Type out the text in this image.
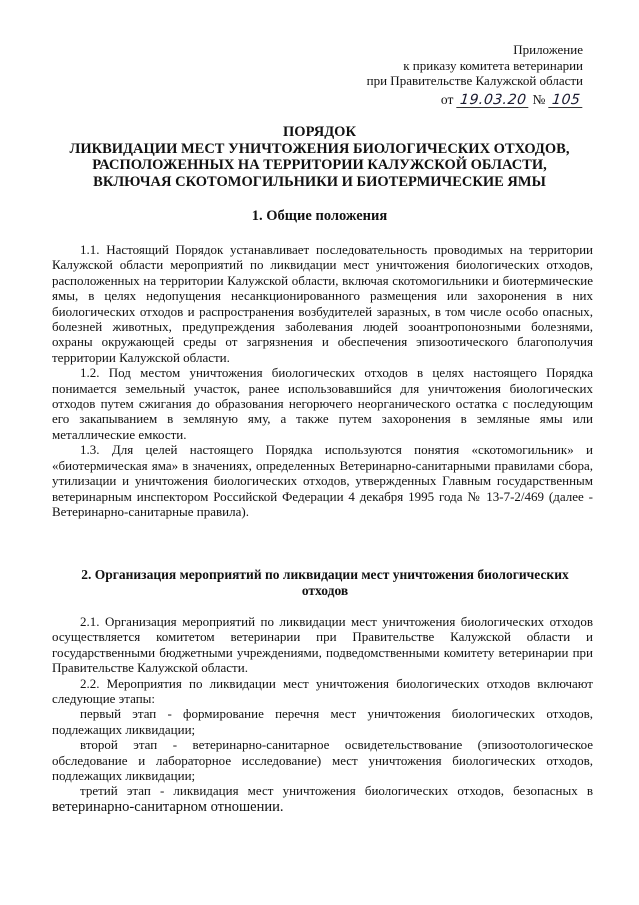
Приложение
к приказу комитета ветеринарии
при Правительстве Калужской области
от 19.03.20 № 105
ПОРЯДОК
ЛИКВИДАЦИИ МЕСТ УНИЧТОЖЕНИЯ БИОЛОГИЧЕСКИХ ОТХОДОВ,
РАСПОЛОЖЕННЫХ НА ТЕРРИТОРИИ КАЛУЖСКОЙ ОБЛАСТИ,
ВКЛЮЧАЯ СКОТОМОГИЛЬНИКИ И БИОТЕРМИЧЕСКИЕ ЯМЫ
1. Общие положения

1.1. Настоящий Порядок устанавливает последовательность проводимых на территории Калужской области мероприятий по ликвидации мест уничтожения биологических отходов, расположенных на территории Калужской области, включая скотомогильники и биотермические ямы, в целях недопущения несанкционированного размещения или захоронения в них биологических отходов и распространения возбудителей заразных, в том числе особо опасных, болезней животных, предупреждения заболевания людей зооантропонозными болезнями, охраны окружающей среды от загрязнения и обеспечения эпизоотического благополучия территории Калужской области.

1.2. Под местом уничтожения биологических отходов в целях настоящего Порядка понимается земельный участок, ранее использовавшийся для уничтожения биологических отходов путем сжигания до образования негорючего неорганического остатка с последующим его закапыванием в земляную яму, а также путем захоронения в земляные ямы или металлические емкости.

1.3. Для целей настоящего Порядка используются понятия «скотомогильник» и «биотермическая яма» в значениях, определенных Ветеринарно-санитарными правилами сбора, утилизации и уничтожения биологических отходов, утвержденных Главным государственным ветеринарным инспектором Российской Федерации 4 декабря 1995 года № 13-7-2/469 (далее - Ветеринарно-санитарные правила).

2. Организация мероприятий по ликвидации мест уничтожения биологических
отходов

2.1. Организация мероприятий по ликвидации мест уничтожения биологических отходов осуществляется комитетом ветеринарии при Правительстве Калужской области и государственными бюджетными учреждениями, подведомственными комитету ветеринарии при Правительстве Калужской области.

2.2. Мероприятия по ликвидации мест уничтожения биологических отходов включают следующие этапы:

первый этап - формирование перечня мест уничтожения биологических отходов, подлежащих ликвидации;

второй этап - ветеринарно-санитарное освидетельствование (эпизоотологическое обследование и лабораторное исследование) мест уничтожения биологических отходов, подлежащих ликвидации;

третий этап - ликвидация мест уничтожения биологических отходов, безопасных в ветеринарно-санитарном отношении.
